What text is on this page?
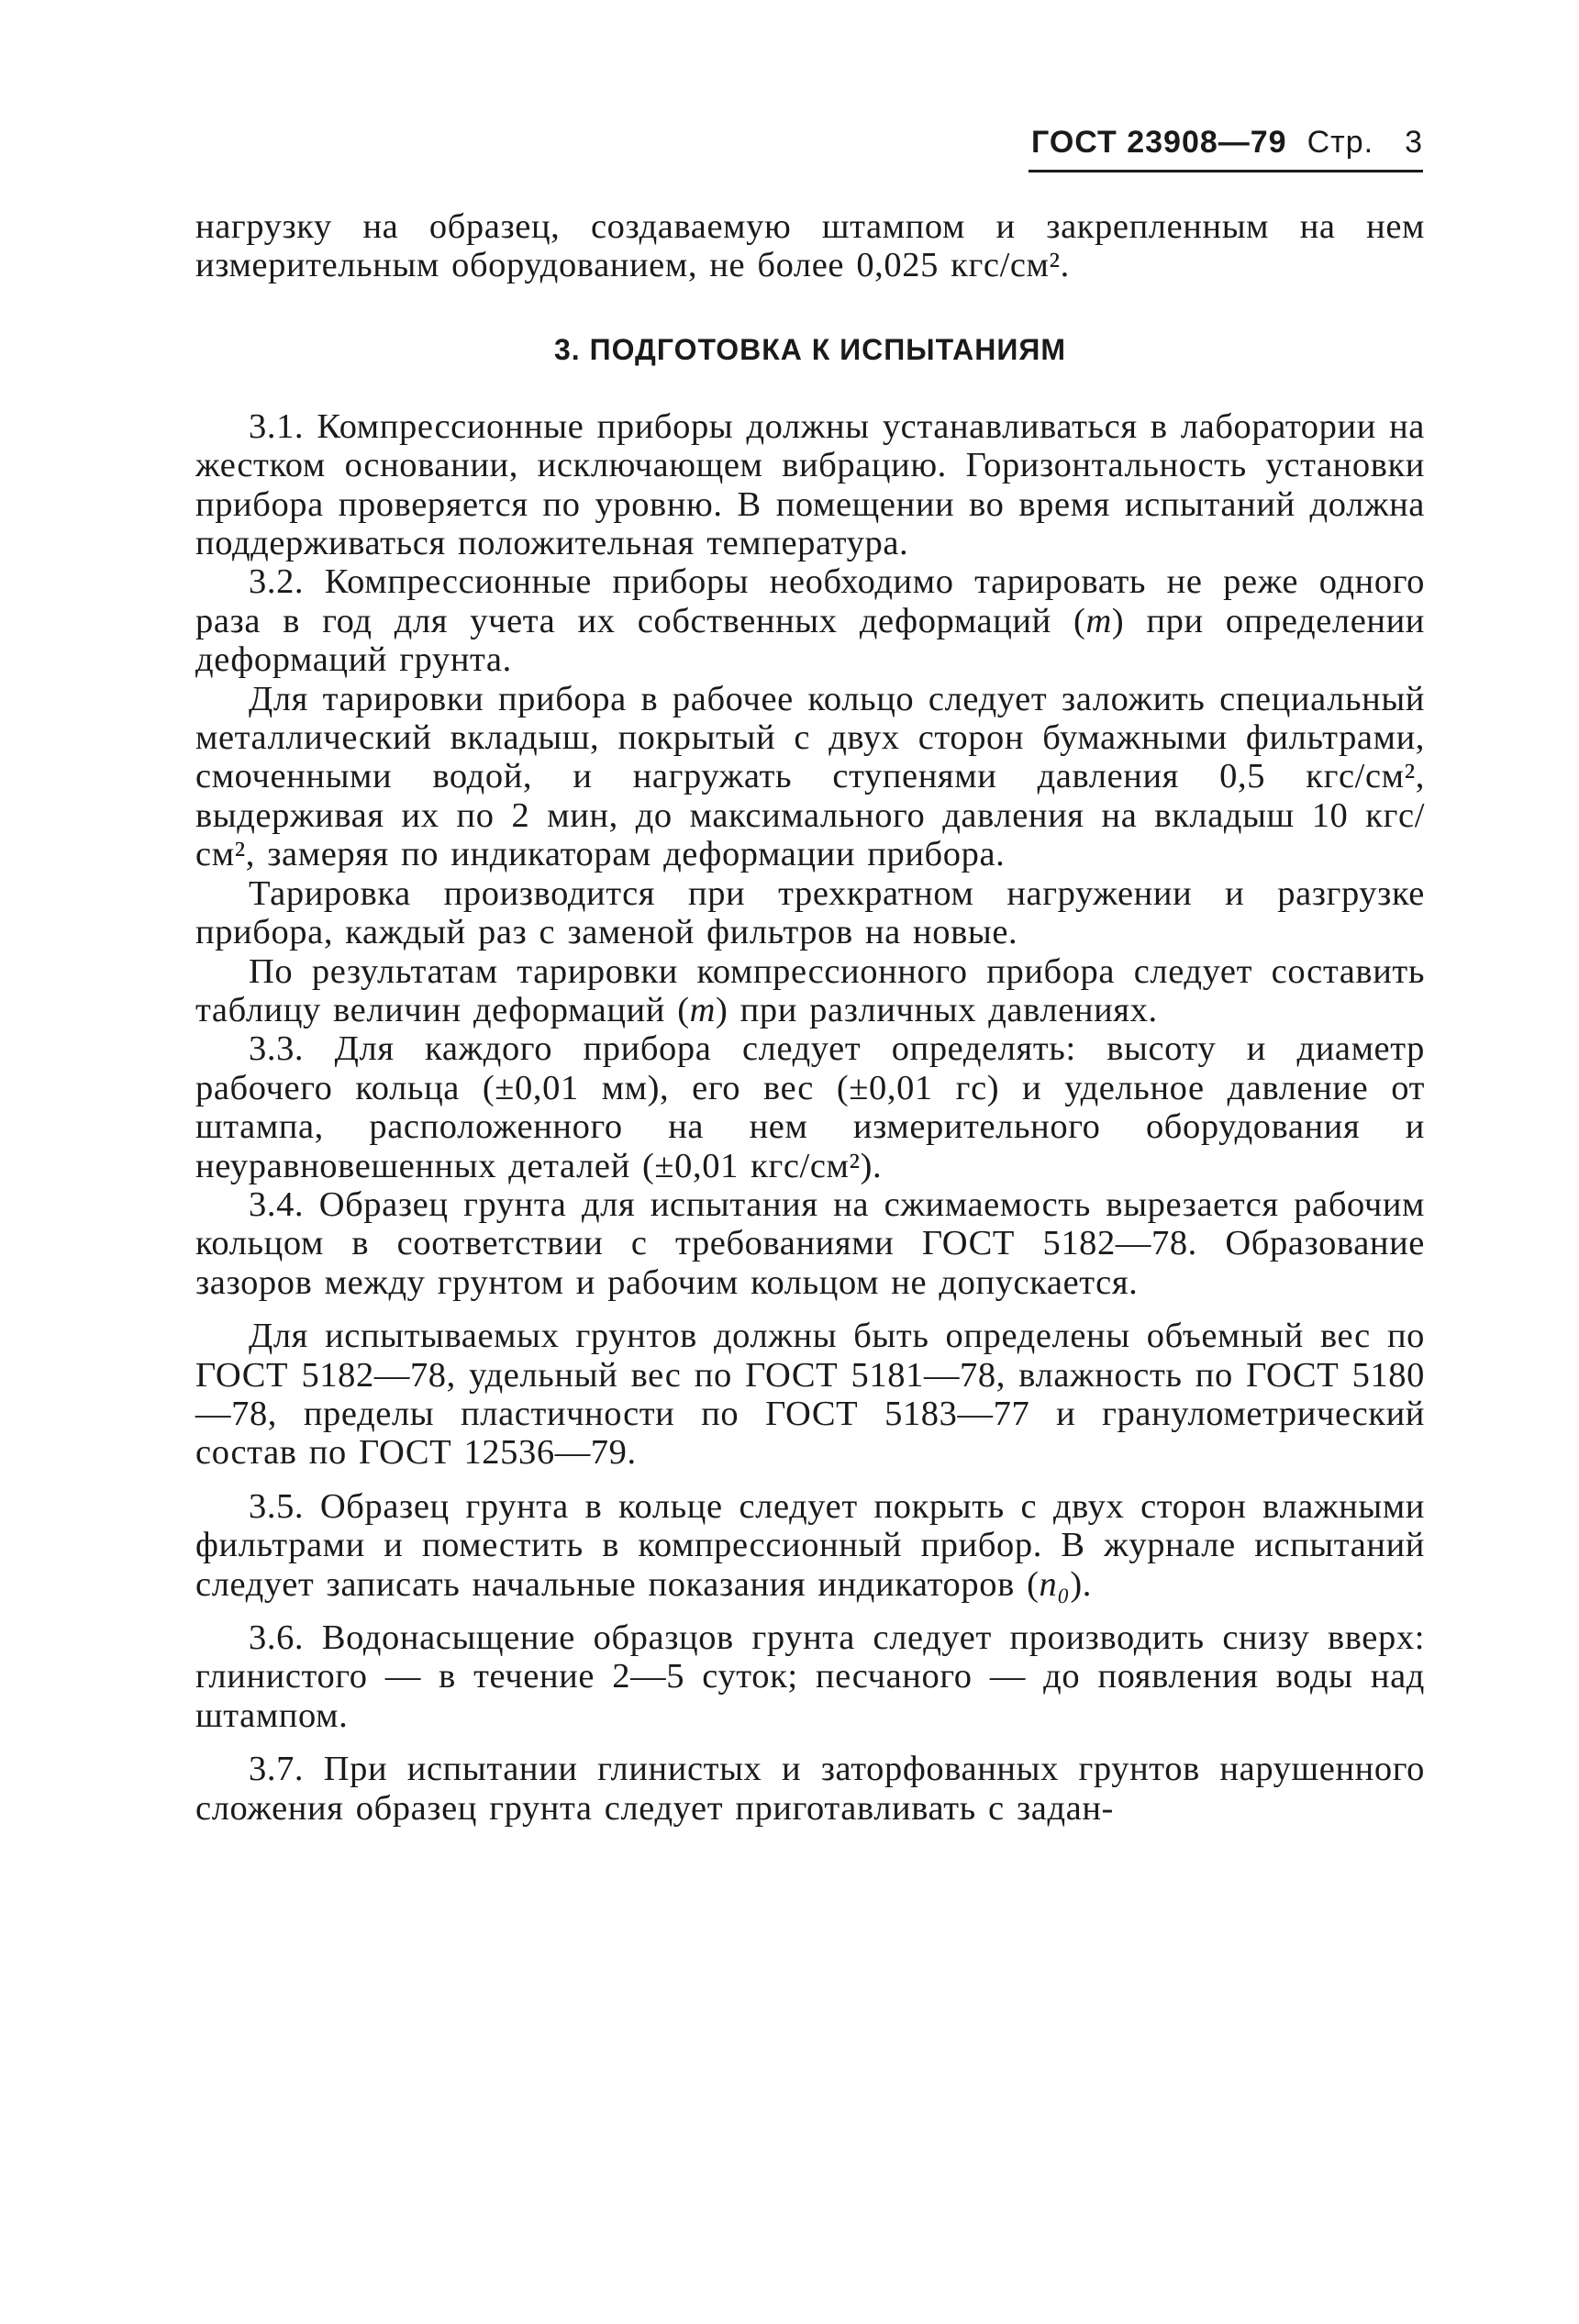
ГОСТ 23908—79 Стр. 3

нагрузку на образец, создаваемую штампом и закрепленным на нем измерительным оборудованием, не более 0,025 кгс/см².

3. ПОДГОТОВКА К ИСПЫТАНИЯМ

3.1. Компрессионные приборы должны устанавливаться в лаборатории на жестком основании, исключающем вибрацию. Горизонтальность установки прибора проверяется по уровню. В помещении во время испытаний должна поддерживаться положительная температура.

3.2. Компрессионные приборы необходимо тарировать не реже одного раза в год для учета их собственных деформаций (m) при определении деформаций грунта.

Для тарировки прибора в рабочее кольцо следует заложить специальный металлический вкладыш, покрытый с двух сторон бумажными фильтрами, смоченными водой, и нагружать ступенями давления 0,5 кгс/см², выдерживая их по 2 мин, до максимального давления на вкладыш 10 кгс/см², замеряя по индикаторам деформации прибора.

Тарировка производится при трехкратном нагружении и разгрузке прибора, каждый раз с заменой фильтров на новые.

По результатам тарировки компрессионного прибора следует составить таблицу величин деформаций (m) при различных давлениях.

3.3. Для каждого прибора следует определять: высоту и диаметр рабочего кольца (±0,01 мм), его вес (±0,01 гс) и удельное давление от штампа, расположенного на нем измерительного оборудования и неуравновешенных деталей (±0,01 кгс/см²).

3.4. Образец грунта для испытания на сжимаемость вырезается рабочим кольцом в соответствии с требованиями ГОСТ 5182—78. Образование зазоров между грунтом и рабочим кольцом не допускается.

Для испытываемых грунтов должны быть определены объемный вес по ГОСТ 5182—78, удельный вес по ГОСТ 5181—78, влажность по ГОСТ 5180—78, пределы пластичности по ГОСТ 5183—77 и гранулометрический состав по ГОСТ 12536—79.

3.5. Образец грунта в кольце следует покрыть с двух сторон влажными фильтрами и поместить в компрессионный прибор. В журнале испытаний следует записать начальные показания индикаторов (n₀).

3.6. Водонасыщение образцов грунта следует производить снизу вверх: глинистого — в течение 2—5 суток; песчаного — до появления воды над штампом.

3.7. При испытании глинистых и заторфованных грунтов нарушенного сложения образец грунта следует приготавливать с задан-
